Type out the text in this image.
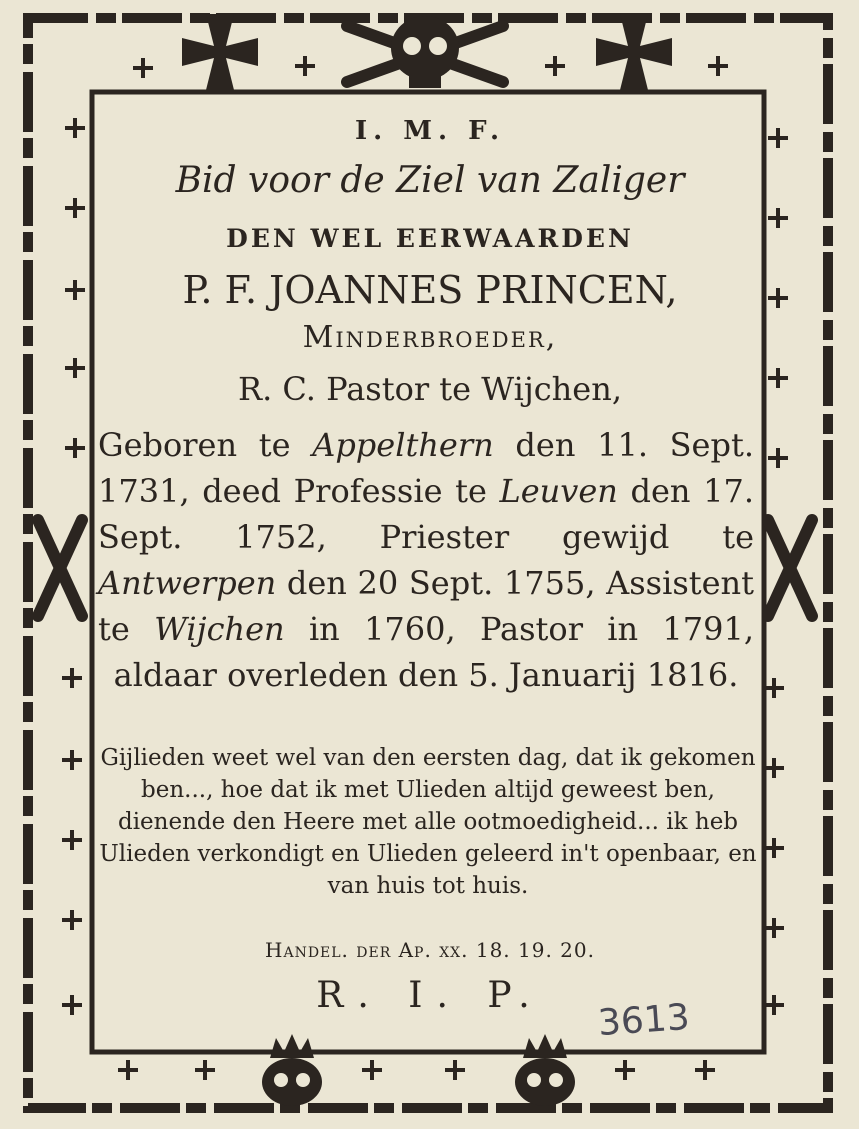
I. M. F.

Bid voor de Ziel van Zaliger

DEN WEL EERWAARDEN

P. F. JOANNES PRINCEN,

Minderbroeder,

R. C. Pastor te Wijchen,

Geboren te Appelthern den 11. Sept. 1731, deed Professie te Leuven den 17. Sept. 1752, Priester gewijd te Antwerpen den 20 Sept. 1755, Assistent te Wijchen in 1760, Pastor in 1791, aldaar overleden den 5. Januarij 1816.

Gijlieden weet wel van den eersten dag, dat ik gekomen ben..., hoe dat ik met Ulieden altijd geweest ben, dienende den Heere met alle ootmoedigheid... ik heb Ulieden verkondigt en Ulieden geleerd in't openbaar, en van huis tot huis.

Handel. der Ap. xx. 18. 19. 20.

R. I. P.

3613
